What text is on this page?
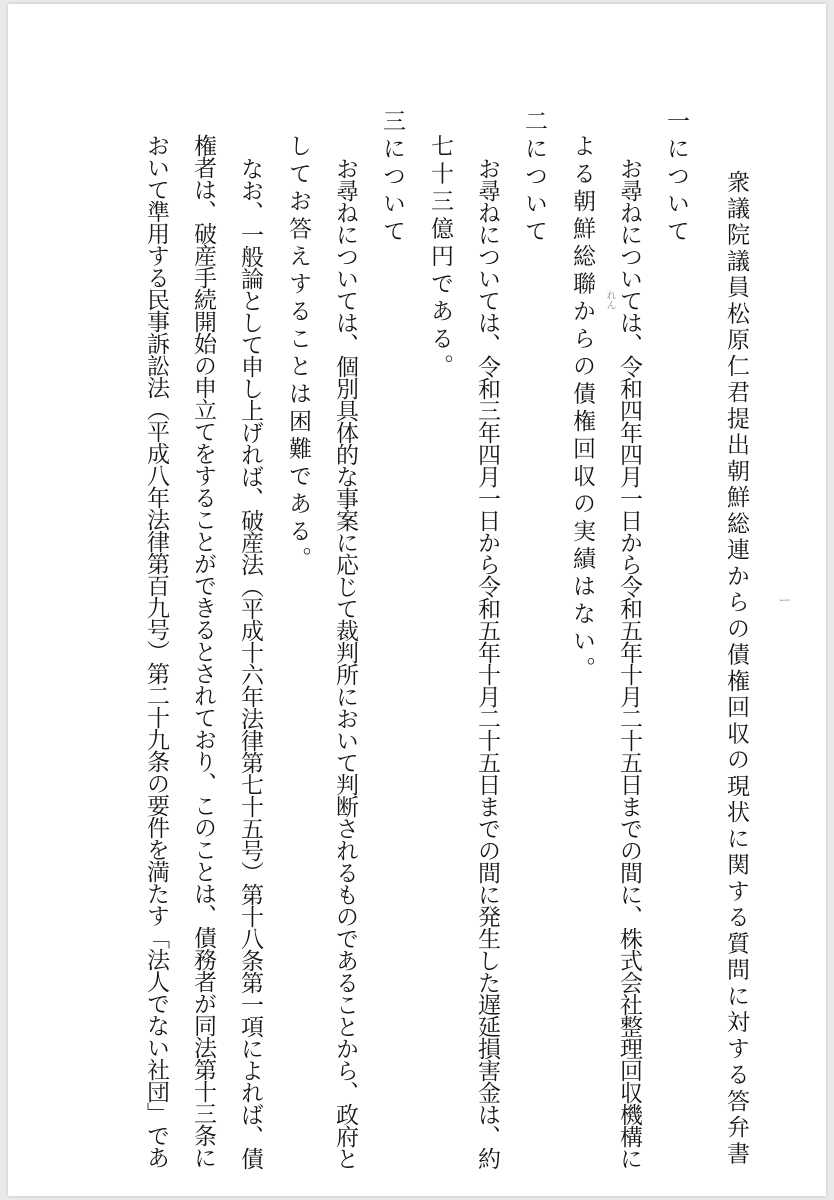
衆議院議員松原仁君提出朝鮮総連からの債権回収の現状に関する質問に対する答弁書
一について
お尋ねについては、令和四年四月一日から令和五年十月二十五日までの間に、株式会社整理回収機構に
よる朝鮮総聯からの債権回収の実績はない。
二について
お尋ねについては、令和三年四月一日から令和五年十月二十五日までの間に発生した遅延損害金は、約
七十三億円である。
三について
お尋ねについては、個別具体的な事案に応じて裁判所において判断されるものであることから、政府と
してお答えすることは困難である。
なお、一般論として申し上げれば、破産法（平成十六年法律第七十五号）第十八条第一項によれば、債
権者は、破産手続開始の申立てをすることができるとされており、このことは、債務者が同法第十三条に
おいて準用する民事訴訟法（平成八年法律第百九号）第二十九条の要件を満たす「法人でない社団」であ	れん
ー
